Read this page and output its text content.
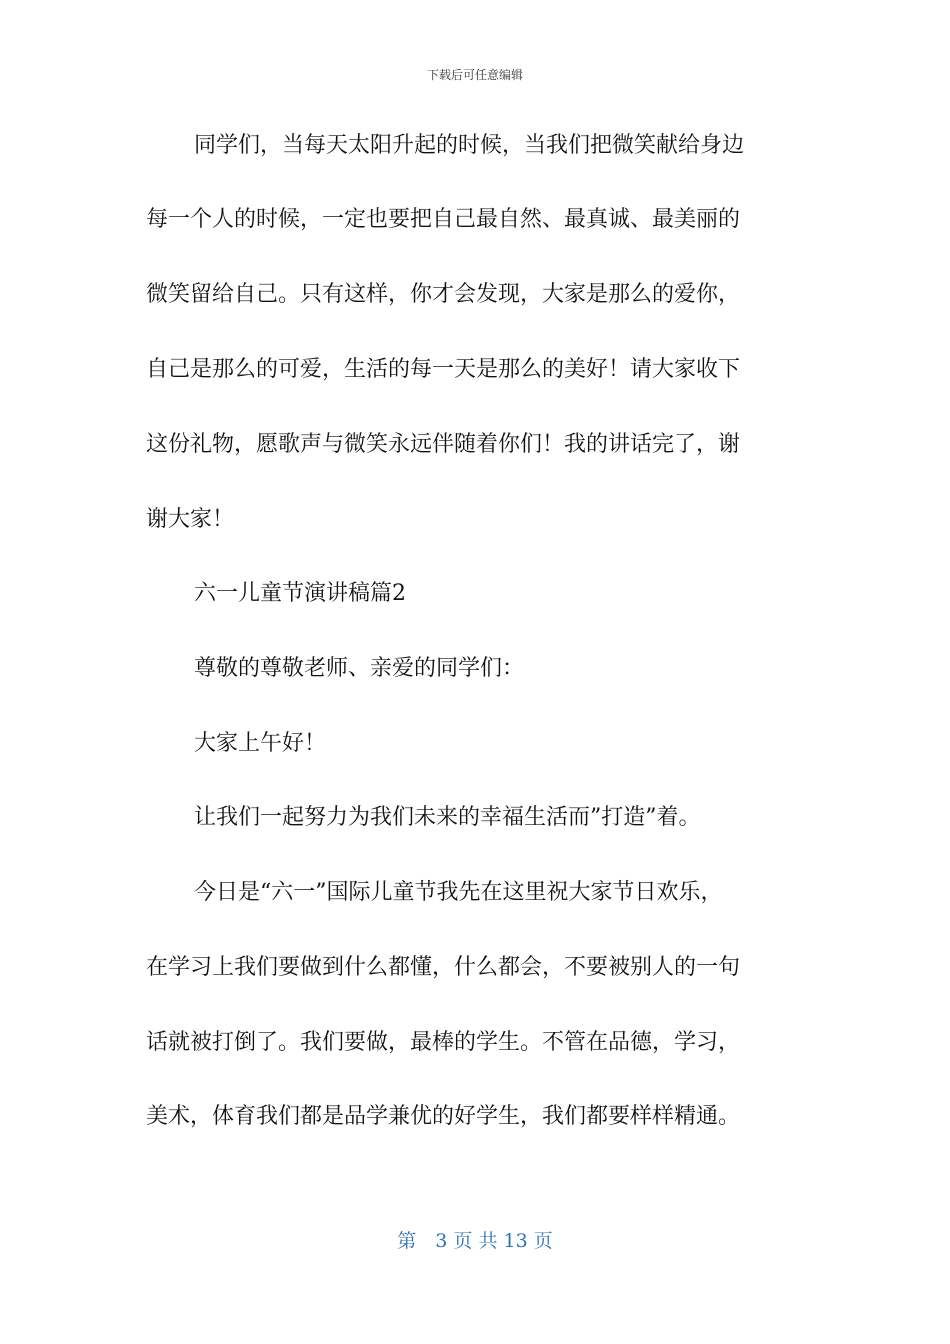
下载后可任意编辑
同学们，当每天太阳升起的时候，当我们把微笑献给身边
每一个人的时候，一定也要把自己最自然、最真诚、最美丽的
微笑留给自己。只有这样，你才会发现，大家是那么的爱你，
自己是那么的可爱，生活的每一天是那么的美好！请大家收下
这份礼物，愿歌声与微笑永远伴随着你们！我的讲话完了，谢
谢大家！
六一儿童节演讲稿篇2
尊敬的尊敬老师、亲爱的同学们：
大家上午好！
让我们一起努力为我们未来的幸福生活而”打造”着。
今日是“六一”国际儿童节我先在这里祝大家节日欢乐，
在学习上我们要做到什么都懂，什么都会，不要被别人的一句
话就被打倒了。我们要做，最棒的学生。不管在品德，学习，
美术，体育我们都是品学兼优的好学生，我们都要样样精通。
第　3 页 共 13 页
